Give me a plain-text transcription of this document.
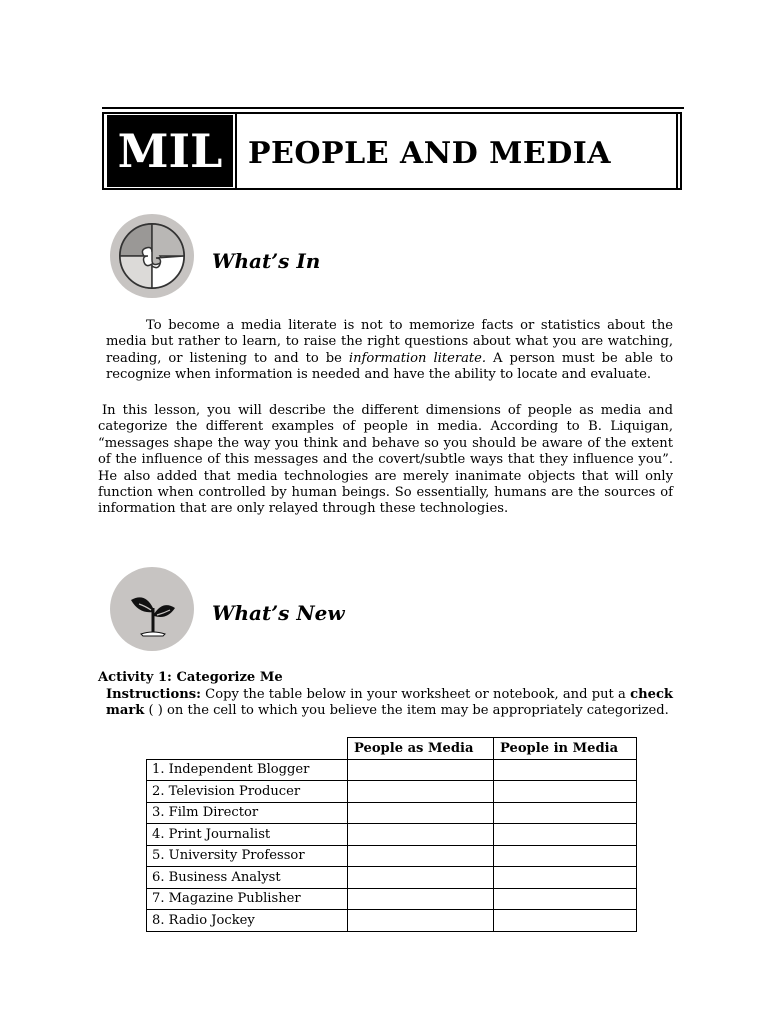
MIL PEOPLE AND MEDIA
What’s In
To become a media literate is not to memorize facts or statistics about the media but rather to learn, to raise the right questions about what you are watching, reading, or listening to and to be information literate. A person must be able to recognize when information is needed and have the ability to locate and evaluate.
In this lesson, you will describe the different dimensions of people as media and categorize the different examples of people in media. According to B. Liquigan, “messages shape the way you think and behave so you should be aware of the extent of the influence of this messages and the covert/subtle ways that they influence you”. He also added that media technologies are merely inanimate objects that will only function when controlled by human beings. So essentially, humans are the sources of information that are only relayed through these technologies.
What’s New
Activity 1: Categorize Me
Instructions: Copy the table below in your worksheet or notebook, and put a check mark ( ) on the cell to which you believe the item may be appropriately categorized.
	People as Media	People in Media
1. Independent Blogger		
2. Television Producer		
3. Film Director		
4. Print Journalist		
5. University Professor		
6. Business Analyst		
7. Magazine Publisher		
8. Radio Jockey		
